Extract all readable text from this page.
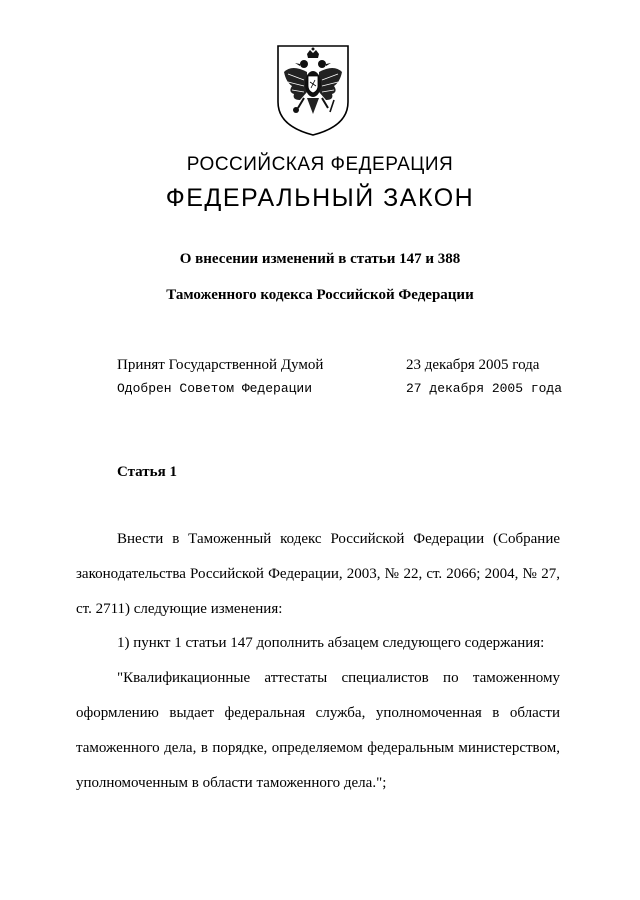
РОССИЙСКАЯ ФЕДЕРАЦИЯ
ФЕДЕРАЛЬНЫЙ ЗАКОН
О внесении изменений в статьи 147 и 388
Таможенного кодекса Российской Федерации
Принят Государственной Думой	23 декабря 2005 года
Одобрен Советом Федерации	27 декабря 2005 года
Статья 1
Внести в Таможенный кодекс Российской Федерации (Собрание законодательства Российской Федерации, 2003, № 22, ст. 2066; 2004, № 27, ст. 2711) следующие изменения:
1) пункт 1 статьи 147 дополнить абзацем следующего содержания:
"Квалификационные аттестаты специалистов по таможенному оформлению выдает федеральная служба, уполномоченная в области таможенного дела, в порядке, определяемом федеральным министерством, уполномоченным в области таможенного дела.";
